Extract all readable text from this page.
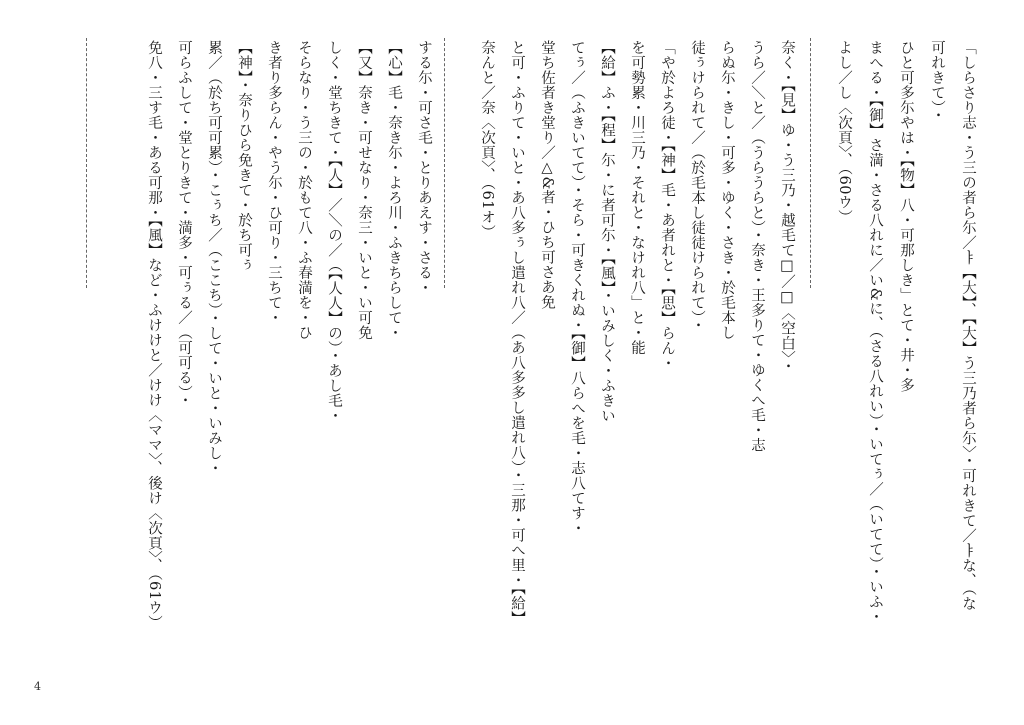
「しらさり志・う三の者ら尓／ㅑ【大】、【大】う三乃者ら尓〉・可れきて／ㅑな、（な
可れきて）・
ひと可多尓やは・【物】八・可那しき」とて・井・多
まへる・【御】さ満・さる八れに／い&に、（さる八れい）・いてぅ／（いてて）・いふ・
よし／し〈次頁〉、（60ウ）
奈く・【見】ゆ・う三乃・越毛て□／□〈空白〉・
うら／＼と／（うらうらと）・奈き・王多りて・ゆくへ毛・志
らぬ尓・きし・可多・ゆく・さき・於毛本し
徒ぅけられて／（於毛本し徒徒けられて）・
「や於よろ徒・【神】毛・あ者れと・【思】らん・
を可勢累・川三乃・それと・なけれ八」と・能
【給】ふ・【程】尓・に者可尓・【風】・いみしく・ふきい
てぅ／（ふきいてて）・そら・可きくれぬ・【御】八らへを毛・志八てす・
堂ち佐者き堂り／△&者・ひち可さあ免
と可・ふりて・いと・あ八多ぅし遣れ八／（あ八多多し遣れ八）・三那・可へ里・【給】
奈んと／奈〈次頁〉、（61オ）
する尓・可さ毛・とりあえす・さる・
【心】毛・奈き尓・よろ川・ふきちらして・
【又】奈き・可せなり・奈三・いと・い可免
しく・堂ちきて・【人】／＼の／（【人人】の）・あし毛・
そらなり・う三の・於もて八・ふ春満を・ひ
き者り多らん・やう尓・ひ可り・三ちて・
【神】・奈りひら免きて・於ち可ぅ
累／（於ち可可累）・こぅち／（ここち）・して・いと・いみし・
可らふして・堂とりきて・満多・可ぅる／（可可る）・
免八・三す毛・ある可那・【風】など・ふけけと／けけ〈ママ〉、後け〈次頁〉、（61ウ）
4
